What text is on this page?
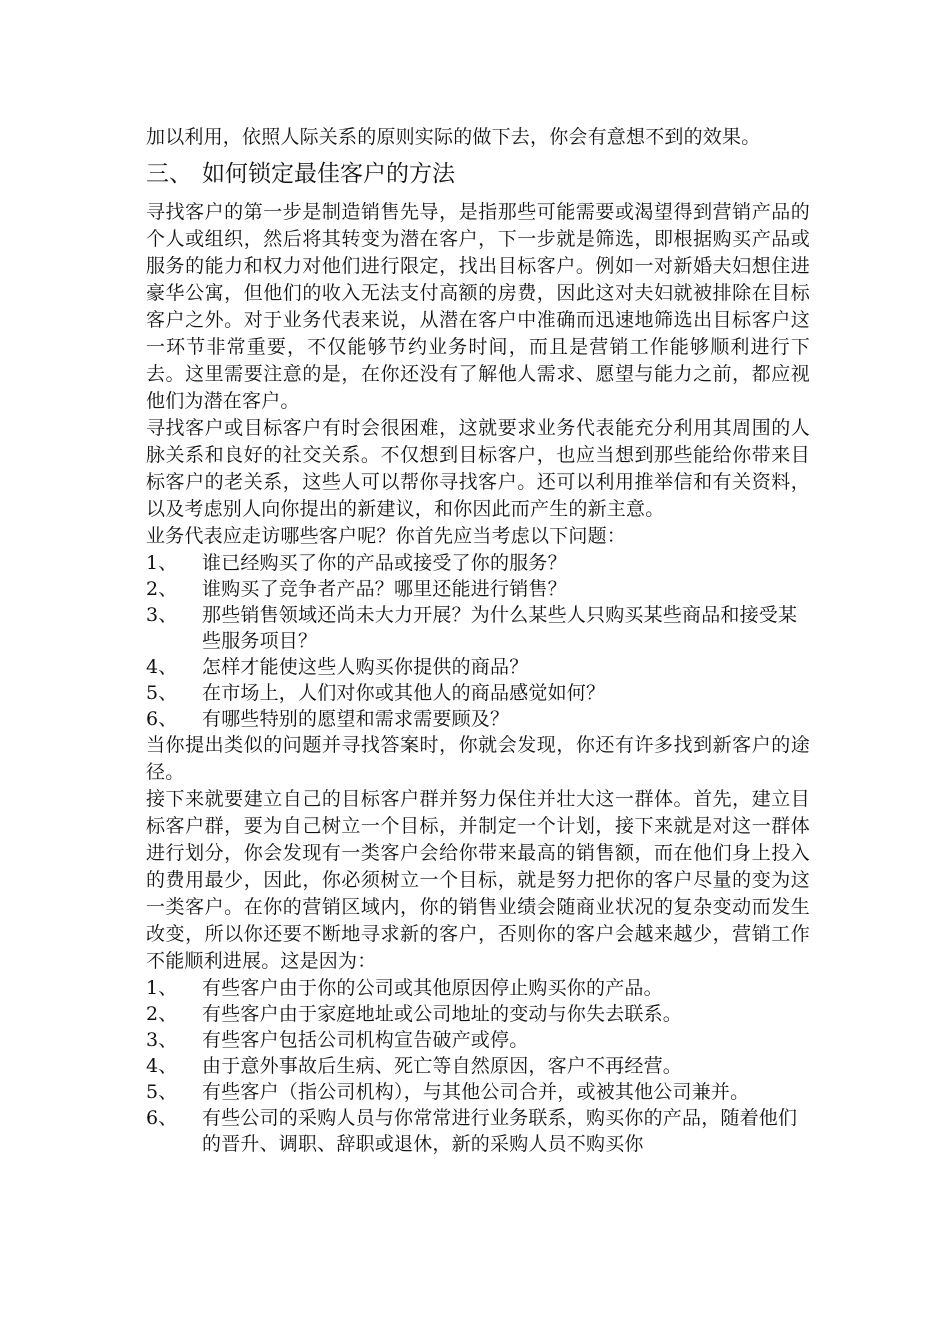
加以利用，依照人际关系的原则实际的做下去，你会有意想不到的效果。

三、 如何锁定最佳客户的方法

寻找客户的第一步是制造销售先导，是指那些可能需要或渴望得到营销产品的个人或组织，然后将其转变为潜在客户，下一步就是筛选，即根据购买产品或服务的能力和权力对他们进行限定，找出目标客户。例如一对新婚夫妇想住进豪华公寓，但他们的收入无法支付高额的房费，因此这对夫妇就被排除在目标客户之外。对于业务代表来说，从潜在客户中准确而迅速地筛选出目标客户这一环节非常重要，不仅能够节约业务时间，而且是营销工作能够顺利进行下去。这里需要注意的是，在你还没有了解他人需求、愿望与能力之前，都应视他们为潜在客户。

寻找客户或目标客户有时会很困难，这就要求业务代表能充分利用其周围的人脉关系和良好的社交关系。不仅想到目标客户，也应当想到那些能给你带来目标客户的老关系，这些人可以帮你寻找客户。还可以利用推举信和有关资料，以及考虑别人向你提出的新建议，和你因此而产生的新主意。

业务代表应走访哪些客户呢？你首先应当考虑以下问题：

1、	谁已经购买了你的产品或接受了你的服务？
2、	谁购买了竞争者产品？哪里还能进行销售？
3、	那些销售领域还尚未大力开展？为什么某些人只购买某些商品和接受某些服务项目？
4、	怎样才能使这些人购买你提供的商品？
5、	在市场上，人们对你或其他人的商品感觉如何？
6、	有哪些特别的愿望和需求需要顾及？

当你提出类似的问题并寻找答案时，你就会发现，你还有许多找到新客户的途径。

接下来就要建立自己的目标客户群并努力保住并壮大这一群体。首先，建立目标客户群，要为自己树立一个目标，并制定一个计划，接下来就是对这一群体进行划分，你会发现有一类客户会给你带来最高的销售额，而在他们身上投入的费用最少，因此，你必须树立一个目标，就是努力把你的客户尽量的变为这一类客户。在你的营销区域内，你的销售业绩会随商业状况的复杂变动而发生改变，所以你还要不断地寻求新的客户，否则你的客户会越来越少，营销工作不能顺利进展。这是因为：

1、	有些客户由于你的公司或其他原因停止购买你的产品。
2、	有些客户由于家庭地址或公司地址的变动与你失去联系。
3、	有些客户包括公司机构宣告破产或停。
4、	由于意外事故后生病、死亡等自然原因，客户不再经营。
5、	有些客户（指公司机构），与其他公司合并，或被其他公司兼并。
6、	有些公司的采购人员与你常常进行业务联系，购买你的产品，随着他们的晋升、调职、辞职或退休，新的采购人员不购买你
